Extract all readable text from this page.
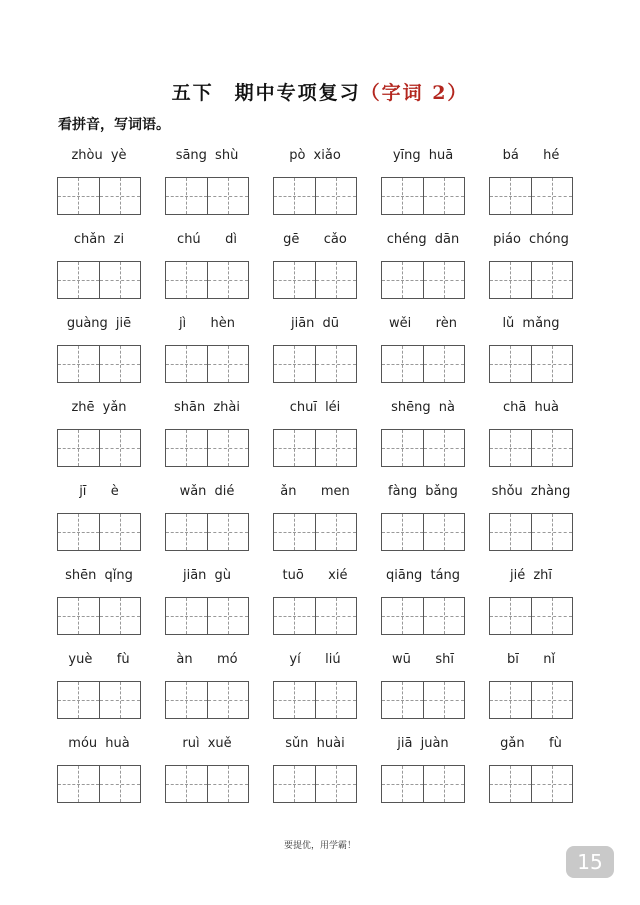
五下　期中专项复习（字词 2）
看拼音，写词语。
zhòu yè	sāng shù	pò xiǎo	yīng huā	bá   hé
chǎn zi	chú   dì	gē   cǎo	chéng dān	piáo chóng
guàng jiē	jì   hèn	jiān dū	wěi   rèn	lǔ mǎng
zhē yǎn	shān zhài	chuī léi	shēng nà	chā huà
jī   è	wǎn dié	ǎn   men	fàng bǎng	shǒu zhàng
shēn qǐng	jiān gù	tuō   xié	qiāng táng	jié zhī
yuè   fù	àn   mó	yí   liú	wū   shī	bī   nǐ
móu huà	ruì xuě	sǔn huài	jiā juàn	gǎn   fù
要提优，用学霸！
15
